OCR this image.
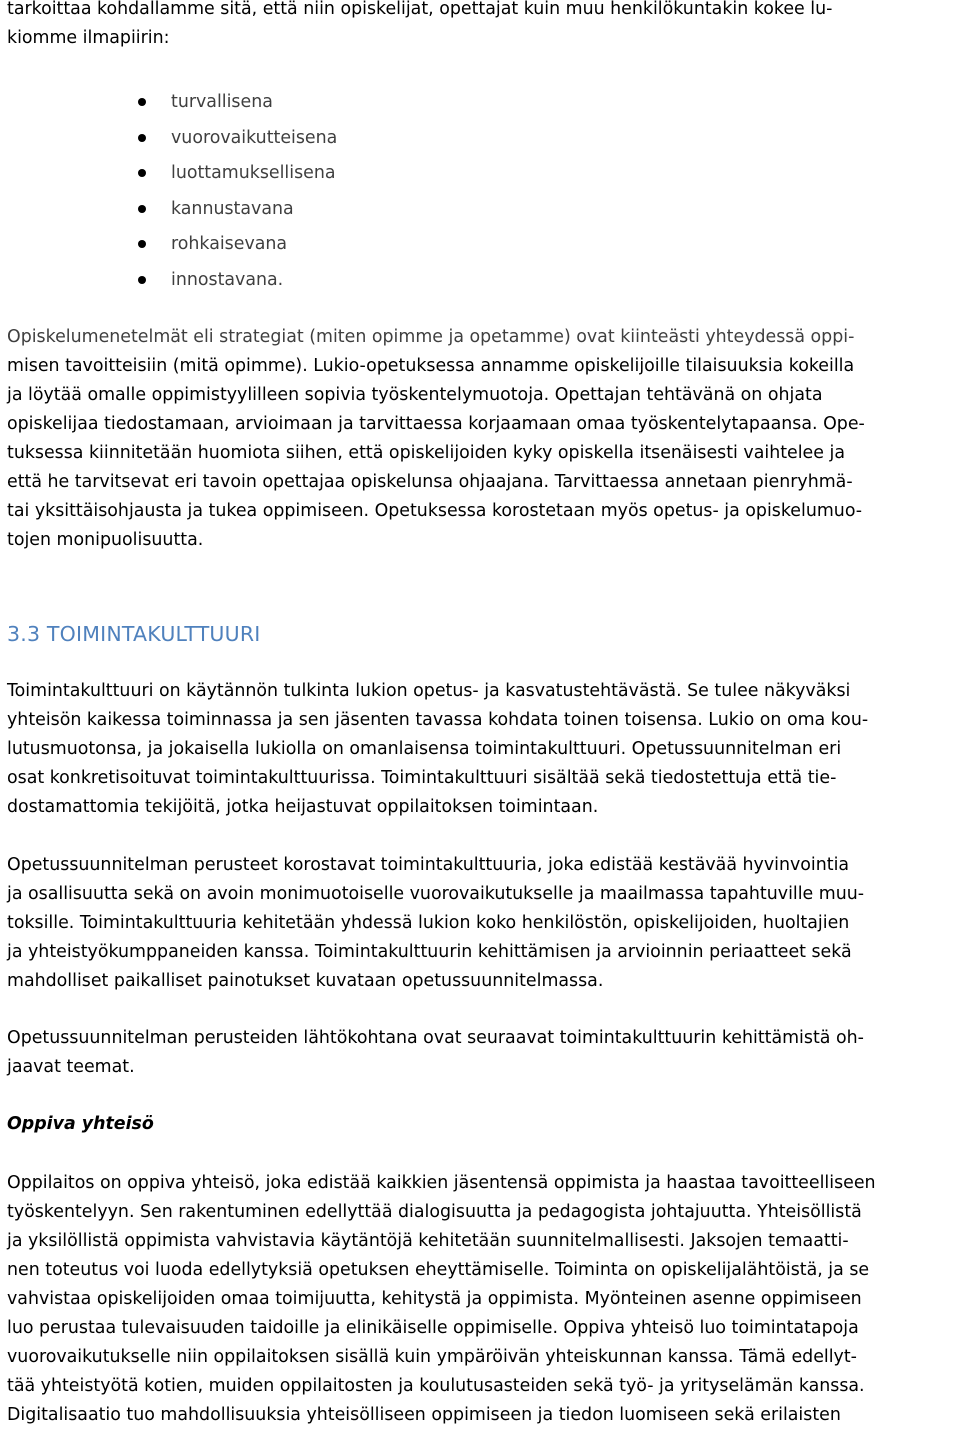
tarkoittaa kohdallamme sitä, että niin opiskelijat, opettajat kuin muu henkilökuntakin kokee lu-
kiomme ilmapiirin:
turvallisena
vuorovaikutteisena
luottamuksellisena
kannustavana
rohkaisevana
innostavana.
Opiskelumenetelmät eli strategiat (miten opimme ja opetamme) ovat kiinteästi yhteydessä oppi-
misen tavoitteisiin (mitä opimme). Lukio-opetuksessa annamme opiskelijoille tilaisuuksia kokeilla
ja löytää omalle oppimistyylilleen sopivia työskentelymuotoja. Opettajan tehtävänä on ohjata
opiskelijaa tiedostamaan, arvioimaan ja tarvittaessa korjaamaan omaa työskentelytapaansa. Ope-
tuksessa kiinnitetään huomiota siihen, että opiskelijoiden kyky opiskella itsenäisesti vaihtelee ja
että he tarvitsevat eri tavoin opettajaa opiskelunsa ohjaajana. Tarvittaessa annetaan pienryhmä-
tai yksittäisohjausta ja tukea oppimiseen. Opetuksessa korostetaan myös opetus- ja opiskelumuo-
tojen monipuolisuutta.
3.3 TOIMINTAKULTTUURI
Toimintakulttuuri on käytännön tulkinta lukion opetus- ja kasvatustehtävästä. Se tulee näkyväksi
yhteisön kaikessa toiminnassa ja sen jäsenten tavassa kohdata toinen toisensa. Lukio on oma kou-
lutusmuotonsa, ja jokaisella lukiolla on omanlaisensa toimintakulttuuri. Opetussuunnitelman eri
osat konkretisoituvat toimintakulttuurissa. Toimintakulttuuri sisältää sekä tiedostettuja että tie-
dostamattomia tekijöitä, jotka heijastuvat oppilaitoksen toimintaan.
Opetussuunnitelman perusteet korostavat toimintakulttuuria, joka edistää kestävää hyvinvointia
ja osallisuutta sekä on avoin monimuotoiselle vuorovaikutukselle ja maailmassa tapahtuville muu-
toksille. Toimintakulttuuria kehitetään yhdessä lukion koko henkilöstön, opiskelijoiden, huoltajien
ja yhteistyökumppaneiden kanssa. Toimintakulttuurin kehittämisen ja arvioinnin periaatteet sekä
mahdolliset paikalliset painotukset kuvataan opetussuunnitelmassa.
Opetussuunnitelman perusteiden lähtökohtana ovat seuraavat toimintakulttuurin kehittämistä oh-
jaavat teemat.
Oppiva yhteisö
Oppilaitos on oppiva yhteisö, joka edistää kaikkien jäsentensä oppimista ja haastaa tavoitteelliseen
työskentelyyn. Sen rakentuminen edellyttää dialogisuutta ja pedagogista johtajuutta. Yhteisöllistä
ja yksilöllistä oppimista vahvistavia käytäntöjä kehitetään suunnitelmallisesti. Jaksojen temaatti-
nen toteutus voi luoda edellytyksiä opetuksen eheyttämiselle. Toiminta on opiskelijalähtöistä, ja se
vahvistaa opiskelijoiden omaa toimijuutta, kehitystä ja oppimista. Myönteinen asenne oppimiseen
luo perustaa tulevaisuuden taidoille ja elinikäiselle oppimiselle. Oppiva yhteisö luo toimintatapoja
vuorovaikutukselle niin oppilaitoksen sisällä kuin ympäröivän yhteiskunnan kanssa. Tämä edellyt-
tää yhteistyötä kotien, muiden oppilaitosten ja koulutusasteiden sekä työ- ja yrityselämän kanssa.
Digitalisaatio tuo mahdollisuuksia yhteisölliseen oppimiseen ja tiedon luomiseen sekä erilaisten
